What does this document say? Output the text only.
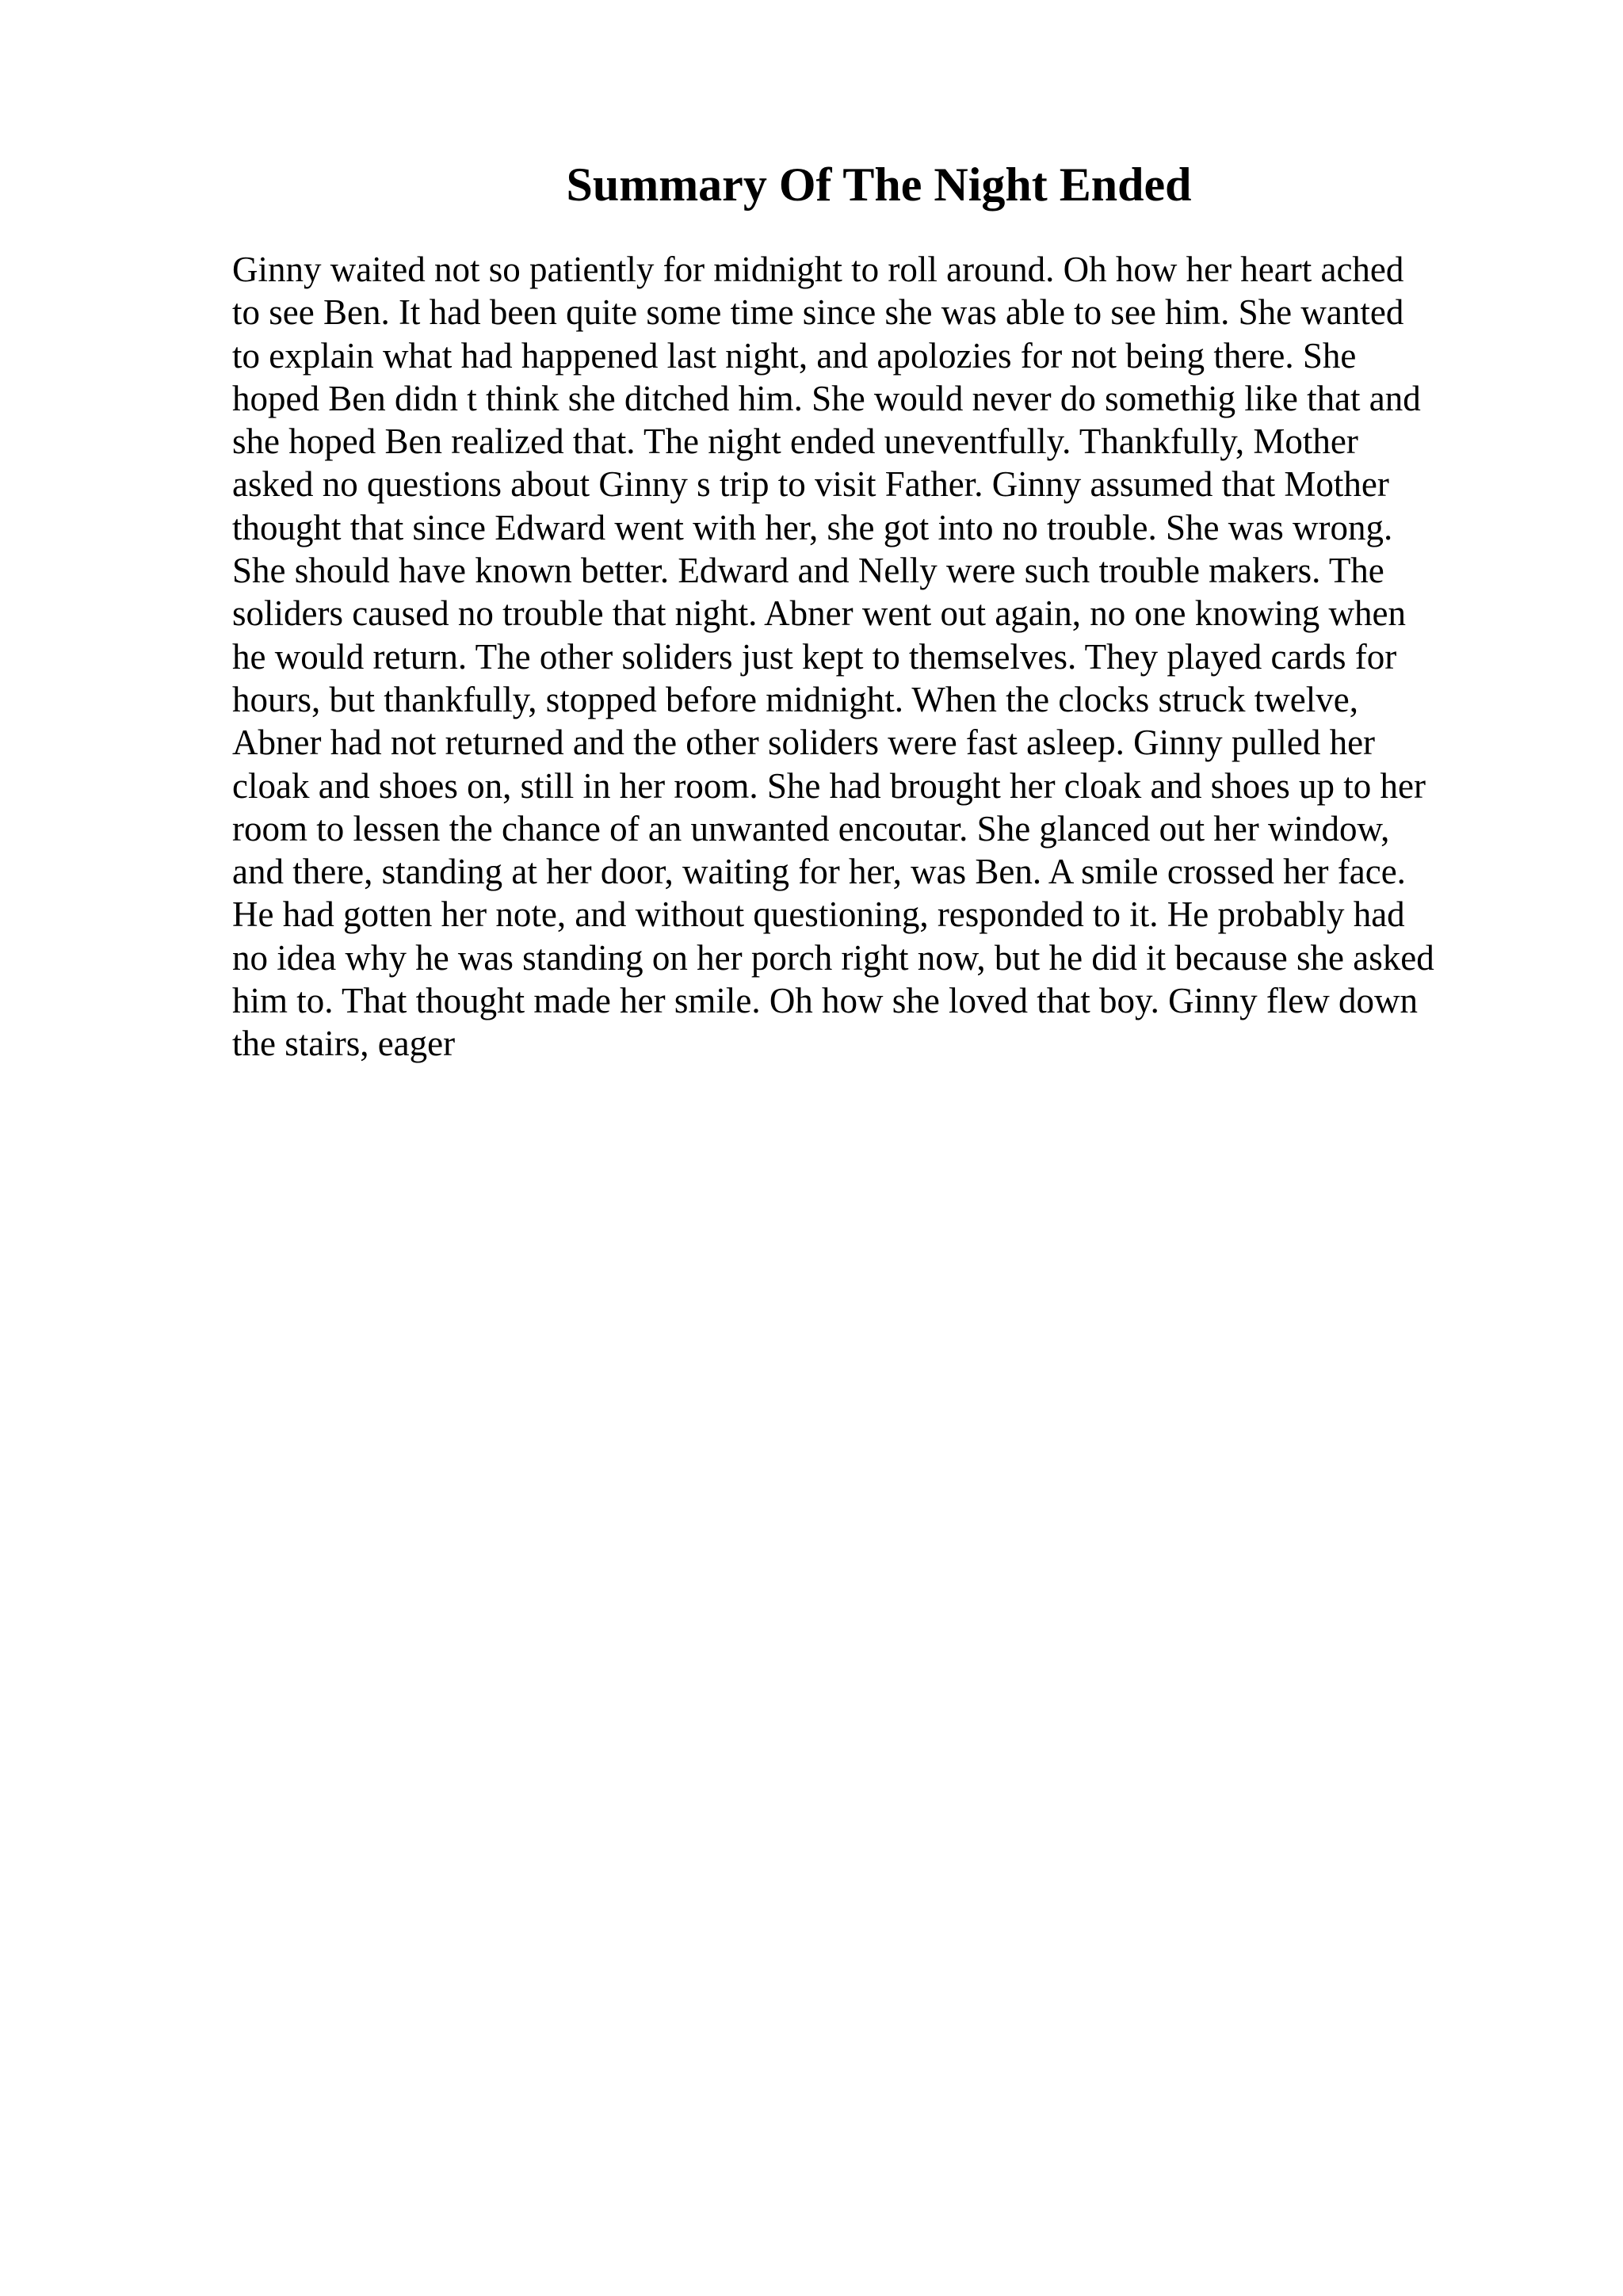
Summary Of The Night Ended
Ginny waited not so patiently for midnight to roll around. Oh how her heart ached
to see Ben. It had been quite some time since she was able to see him. She wanted
to explain what had happened last night, and apolozies for not being there. She
hoped Ben didn t think she ditched him. She would never do somethig like that and
she hoped Ben realized that. The night ended uneventfully. Thankfully, Mother
asked no questions about Ginny s trip to visit Father. Ginny assumed that Mother
thought that since Edward went with her, she got into no trouble. She was wrong.
She should have known better. Edward and Nelly were such trouble makers. The
soliders caused no trouble that night. Abner went out again, no one knowing when
he would return. The other soliders just kept to themselves. They played cards for
hours, but thankfully, stopped before midnight. When the clocks struck twelve,
Abner had not returned and the other soliders were fast asleep. Ginny pulled her
cloak and shoes on, still in her room. She had brought her cloak and shoes up to her
room to lessen the chance of an unwanted encoutar. She glanced out her window,
and there, standing at her door, waiting for her, was Ben. A smile crossed her face.
He had gotten her note, and without questioning, responded to it. He probably had
no idea why he was standing on her porch right now, but he did it because she asked
him to. That thought made her smile. Oh how she loved that boy. Ginny flew down
the stairs, eager
